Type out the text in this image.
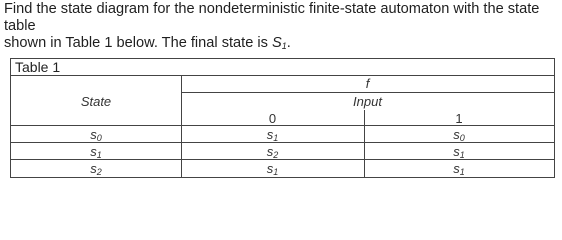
Find the state diagram for the nondeterministic finite-state automaton with the state table
shown in Table 1 below. The final state is $S_1$.
Table 1
f
State	Input
0	1
$s_0$	$s_1$	$s_0$
$s_1$	$s_2$	$s_1$
$s_2$	$s_1$	$s_1$
